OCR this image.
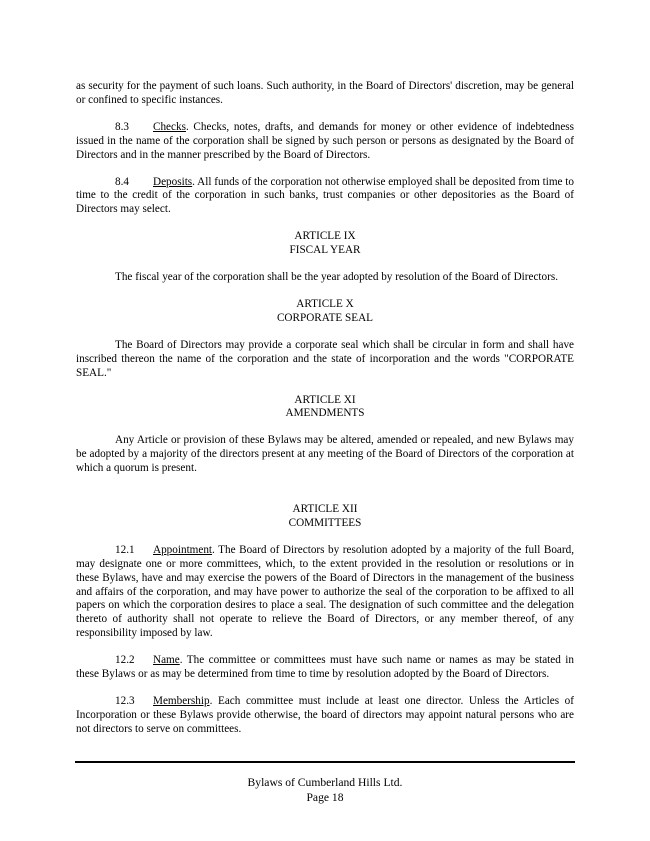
as security for the payment of such loans. Such authority, in the Board of Directors' discretion, may be general or confined to specific instances.

8.3 Checks. Checks, notes, drafts, and demands for money or other evidence of indebtedness issued in the name of the corporation shall be signed by such person or persons as designated by the Board of Directors and in the manner prescribed by the Board of Directors.

8.4 Deposits. All funds of the corporation not otherwise employed shall be deposited from time to time to the credit of the corporation in such banks, trust companies or other depositories as the Board of Directors may select.

ARTICLE IX
FISCAL YEAR

The fiscal year of the corporation shall be the year adopted by resolution of the Board of Directors.

ARTICLE X
CORPORATE SEAL

The Board of Directors may provide a corporate seal which shall be circular in form and shall have inscribed thereon the name of the corporation and the state of incorporation and the words "CORPORATE SEAL."

ARTICLE XI
AMENDMENTS

Any Article or provision of these Bylaws may be altered, amended or repealed, and new Bylaws may be adopted by a majority of the directors present at any meeting of the Board of Directors of the corporation at which a quorum is present.

ARTICLE XII
COMMITTEES

12.1 Appointment. The Board of Directors by resolution adopted by a majority of the full Board, may designate one or more committees, which, to the extent provided in the resolution or resolutions or in these Bylaws, have and may exercise the powers of the Board of Directors in the management of the business and affairs of the corporation, and may have power to authorize the seal of the corporation to be affixed to all papers on which the corporation desires to place a seal. The designation of such committee and the delegation thereto of authority shall not operate to relieve the Board of Directors, or any member thereof, of any responsibility imposed by law.

12.2 Name. The committee or committees must have such name or names as may be stated in these Bylaws or as may be determined from time to time by resolution adopted by the Board of Directors.

12.3 Membership. Each committee must include at least one director. Unless the Articles of Incorporation or these Bylaws provide otherwise, the board of directors may appoint natural persons who are not directors to serve on committees.

Bylaws of Cumberland Hills Ltd.
Page 18
